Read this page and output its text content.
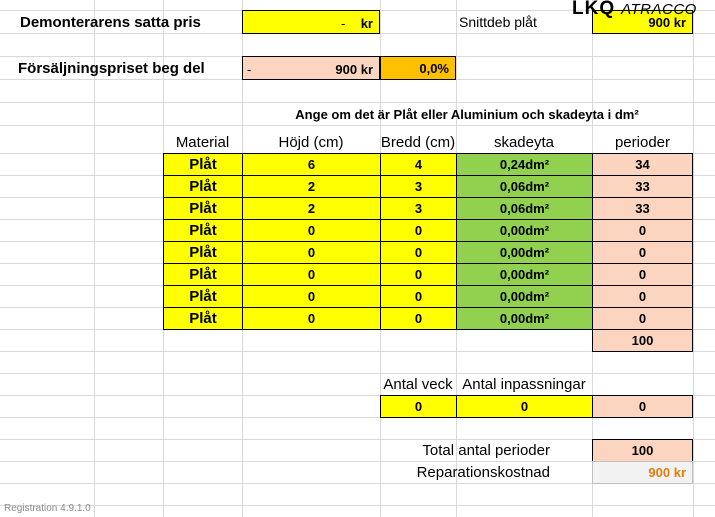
Demonterarens satta pris	- kr	Snittdeb plåt	900 kr
LKQ ATRACCO
Försäljningspriset beg del	-	900 kr	0,0%
Ange om det är Plåt eller Aluminium och skadeyta i dm²
Material	Höjd (cm)	Bredd (cm)	skadeyta	perioder
Plåt	6	4	0,24dm²	34
Plåt	2	3	0,06dm²	33
Plåt	2	3	0,06dm²	33
Plåt	0	0	0,00dm²	0
Plåt	0	0	0,00dm²	0
Plåt	0	0	0,00dm²	0
Plåt	0	0	0,00dm²	0
Plåt	0	0	0,00dm²	0
100
Antal veck Antal inpassningar
0	0	0
Total antal perioder	100
Reparationskostnad	900 kr
Registration 4.9.1.0
